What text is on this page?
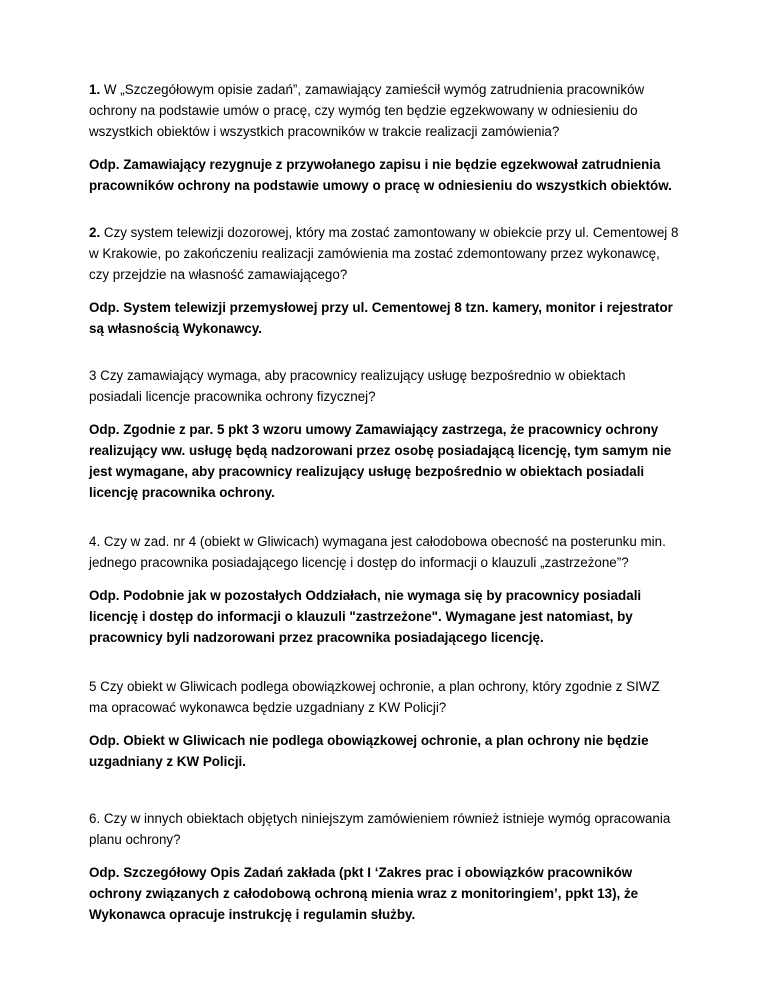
1. W „Szczegółowym opisie zadań”, zamawiający zamieścił wymóg zatrudnienia pracowników ochrony na podstawie umów o pracę, czy wymóg ten będzie egzekwowany w odniesieniu do wszystkich obiektów i wszystkich pracowników w trakcie realizacji zamówienia?

Odp. Zamawiający rezygnuje z przywołanego zapisu i nie będzie egzekwował zatrudnienia pracowników ochrony na podstawie umowy o pracę w odniesieniu do wszystkich obiektów.

2. Czy system telewizji dozorowej, który ma zostać zamontowany w obiekcie przy ul. Cementowej 8 w Krakowie, po zakończeniu realizacji zamówienia ma zostać zdemontowany przez wykonawcę, czy przejdzie na własność zamawiającego?

Odp. System telewizji przemysłowej przy ul. Cementowej 8 tzn. kamery, monitor i rejestrator są własnością Wykonawcy.

3 Czy zamawiający wymaga, aby pracownicy realizujący usługę bezpośrednio w obiektach posiadali licencje pracownika ochrony fizycznej?

Odp. Zgodnie z par. 5 pkt 3 wzoru umowy Zamawiający zastrzega, że pracownicy ochrony realizujący ww. usługę będą nadzorowani przez osobę posiadającą licencję, tym samym nie jest wymagane, aby pracownicy realizujący usługę bezpośrednio w obiektach posiadali licencję pracownika ochrony.

4. Czy w zad. nr 4 (obiekt w Gliwicach) wymagana jest całodobowa obecność na posterunku min. jednego pracownika posiadającego licencję i dostęp do informacji o klauzuli „zastrzeżone”?

Odp. Podobnie jak w pozostałych Oddziałach, nie wymaga się by pracownicy posiadali licencję i dostęp do informacji o klauzuli "zastrzeżone". Wymagane jest natomiast, by pracownicy byli nadzorowani przez pracownika posiadającego licencję.

5 Czy obiekt w Gliwicach podlega obowiązkowej ochronie, a plan ochrony, który zgodnie z SIWZ ma opracować wykonawca będzie uzgadniany z KW Policji?

Odp. Obiekt w Gliwicach nie podlega obowiązkowej ochronie, a plan ochrony nie będzie uzgadniany z KW Policji.

6. Czy w innych obiektach objętych niniejszym zamówieniem również istnieje wymóg opracowania planu ochrony?

Odp. Szczegółowy Opis Zadań zakłada (pkt I ‘Zakres prac i obowiązków pracowników ochrony związanych z całodobową ochroną mienia wraz z monitoringiem’, ppkt 13), że Wykonawca opracuje instrukcję i regulamin służby.
